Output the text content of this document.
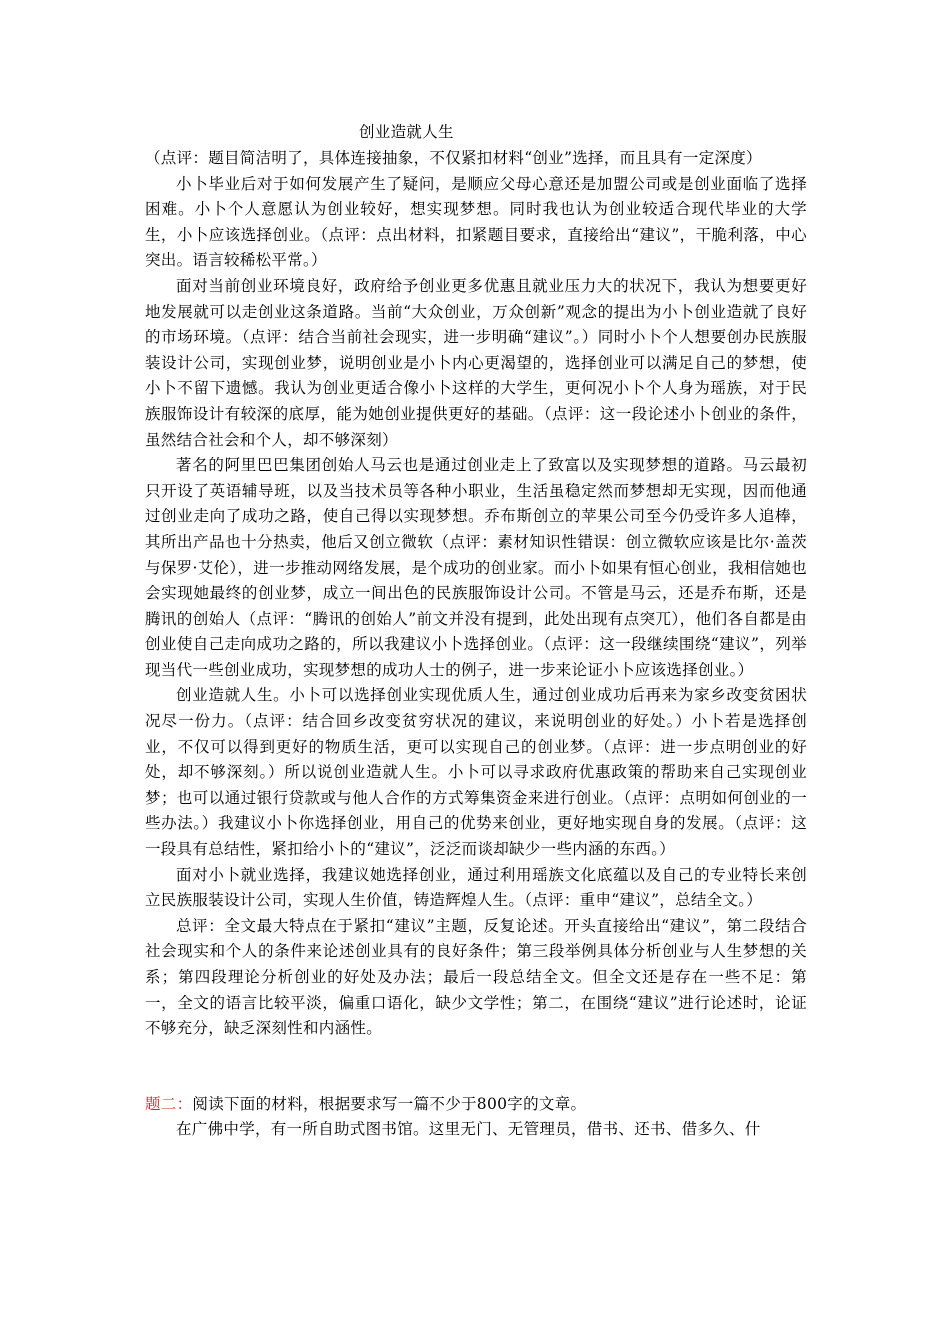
创业造就人生

（点评：题目简洁明了，具体连接抽象，不仅紧扣材料“创业”选择，而且具有一定深度）

小卜毕业后对于如何发展产生了疑问，是顺应父母心意还是加盟公司或是创业面临了选择困难。小卜个人意愿认为创业较好，想实现梦想。同时我也认为创业较适合现代毕业的大学生，小卜应该选择创业。（点评：点出材料，扣紧题目要求，直接给出“建议”，干脆利落，中心突出。语言较稀松平常。）

面对当前创业环境良好，政府给予创业更多优惠且就业压力大的状况下，我认为想要更好地发展就可以走创业这条道路。当前“大众创业，万众创新”观念的提出为小卜创业造就了良好的市场环境。（点评：结合当前社会现实，进一步明确“建议”。）同时小卜个人想要创办民族服装设计公司，实现创业梦，说明创业是小卜内心更渴望的，选择创业可以满足自己的梦想，使小卜不留下遗憾。我认为创业更适合像小卜这样的大学生，更何况小卜个人身为瑶族，对于民族服饰设计有较深的底厚，能为她创业提供更好的基础。（点评：这一段论述小卜创业的条件，虽然结合社会和个人，却不够深刻）

著名的阿里巴巴集团创始人马云也是通过创业走上了致富以及实现梦想的道路。马云最初只开设了英语辅导班，以及当技术员等各种小职业，生活虽稳定然而梦想却无实现，因而他通过创业走向了成功之路，使自己得以实现梦想。乔布斯创立的苹果公司至今仍受许多人追棒，其所出产品也十分热卖，他后又创立微软（点评：素材知识性错误：创立微软应该是比尔·盖茨与保罗·艾伦），进一步推动网络发展，是个成功的创业家。而小卜如果有恒心创业，我相信她也会实现她最终的创业梦，成立一间出色的民族服饰设计公司。不管是马云，还是乔布斯，还是腾讯的创始人（点评：“腾讯的创始人”前文并没有提到，此处出现有点突兀），他们各自都是由创业使自己走向成功之路的，所以我建议小卜选择创业。（点评：这一段继续围绕“建议”，列举现当代一些创业成功，实现梦想的成功人士的例子，进一步来论证小卜应该选择创业。）

创业造就人生。小卜可以选择创业实现优质人生，通过创业成功后再来为家乡改变贫困状况尽一份力。（点评：结合回乡改变贫穷状况的建议，来说明创业的好处。）小卜若是选择创业，不仅可以得到更好的物质生活，更可以实现自己的创业梦。（点评：进一步点明创业的好处，却不够深刻。）所以说创业造就人生。小卜可以寻求政府优惠政策的帮助来自己实现创业梦；也可以通过银行贷款或与他人合作的方式筹集资金来进行创业。（点评：点明如何创业的一些办法。）我建议小卜你选择创业，用自己的优势来创业，更好地实现自身的发展。（点评：这一段具有总结性，紧扣给小卜的“建议”，泛泛而谈却缺少一些内涵的东西。）

面对小卜就业选择，我建议她选择创业，通过利用瑶族文化底蕴以及自己的专业特长来创立民族服装设计公司，实现人生价值，铸造辉煌人生。（点评：重申“建议”，总结全文。）

总评：全文最大特点在于紧扣“建议”主题，反复论述。开头直接给出“建议”，第二段结合社会现实和个人的条件来论述创业具有的良好条件；第三段举例具体分析创业与人生梦想的关系；第四段理论分析创业的好处及办法；最后一段总结全文。但全文还是存在一些不足：第一，全文的语言比较平淡，偏重口语化，缺少文学性；第二，在围绕“建议”进行论述时，论证不够充分，缺乏深刻性和内涵性。

题二：阅读下面的材料，根据要求写一篇不少于800字的文章。

在广佛中学，有一所自助式图书馆。这里无门、无管理员，借书、还书、借多久、什
